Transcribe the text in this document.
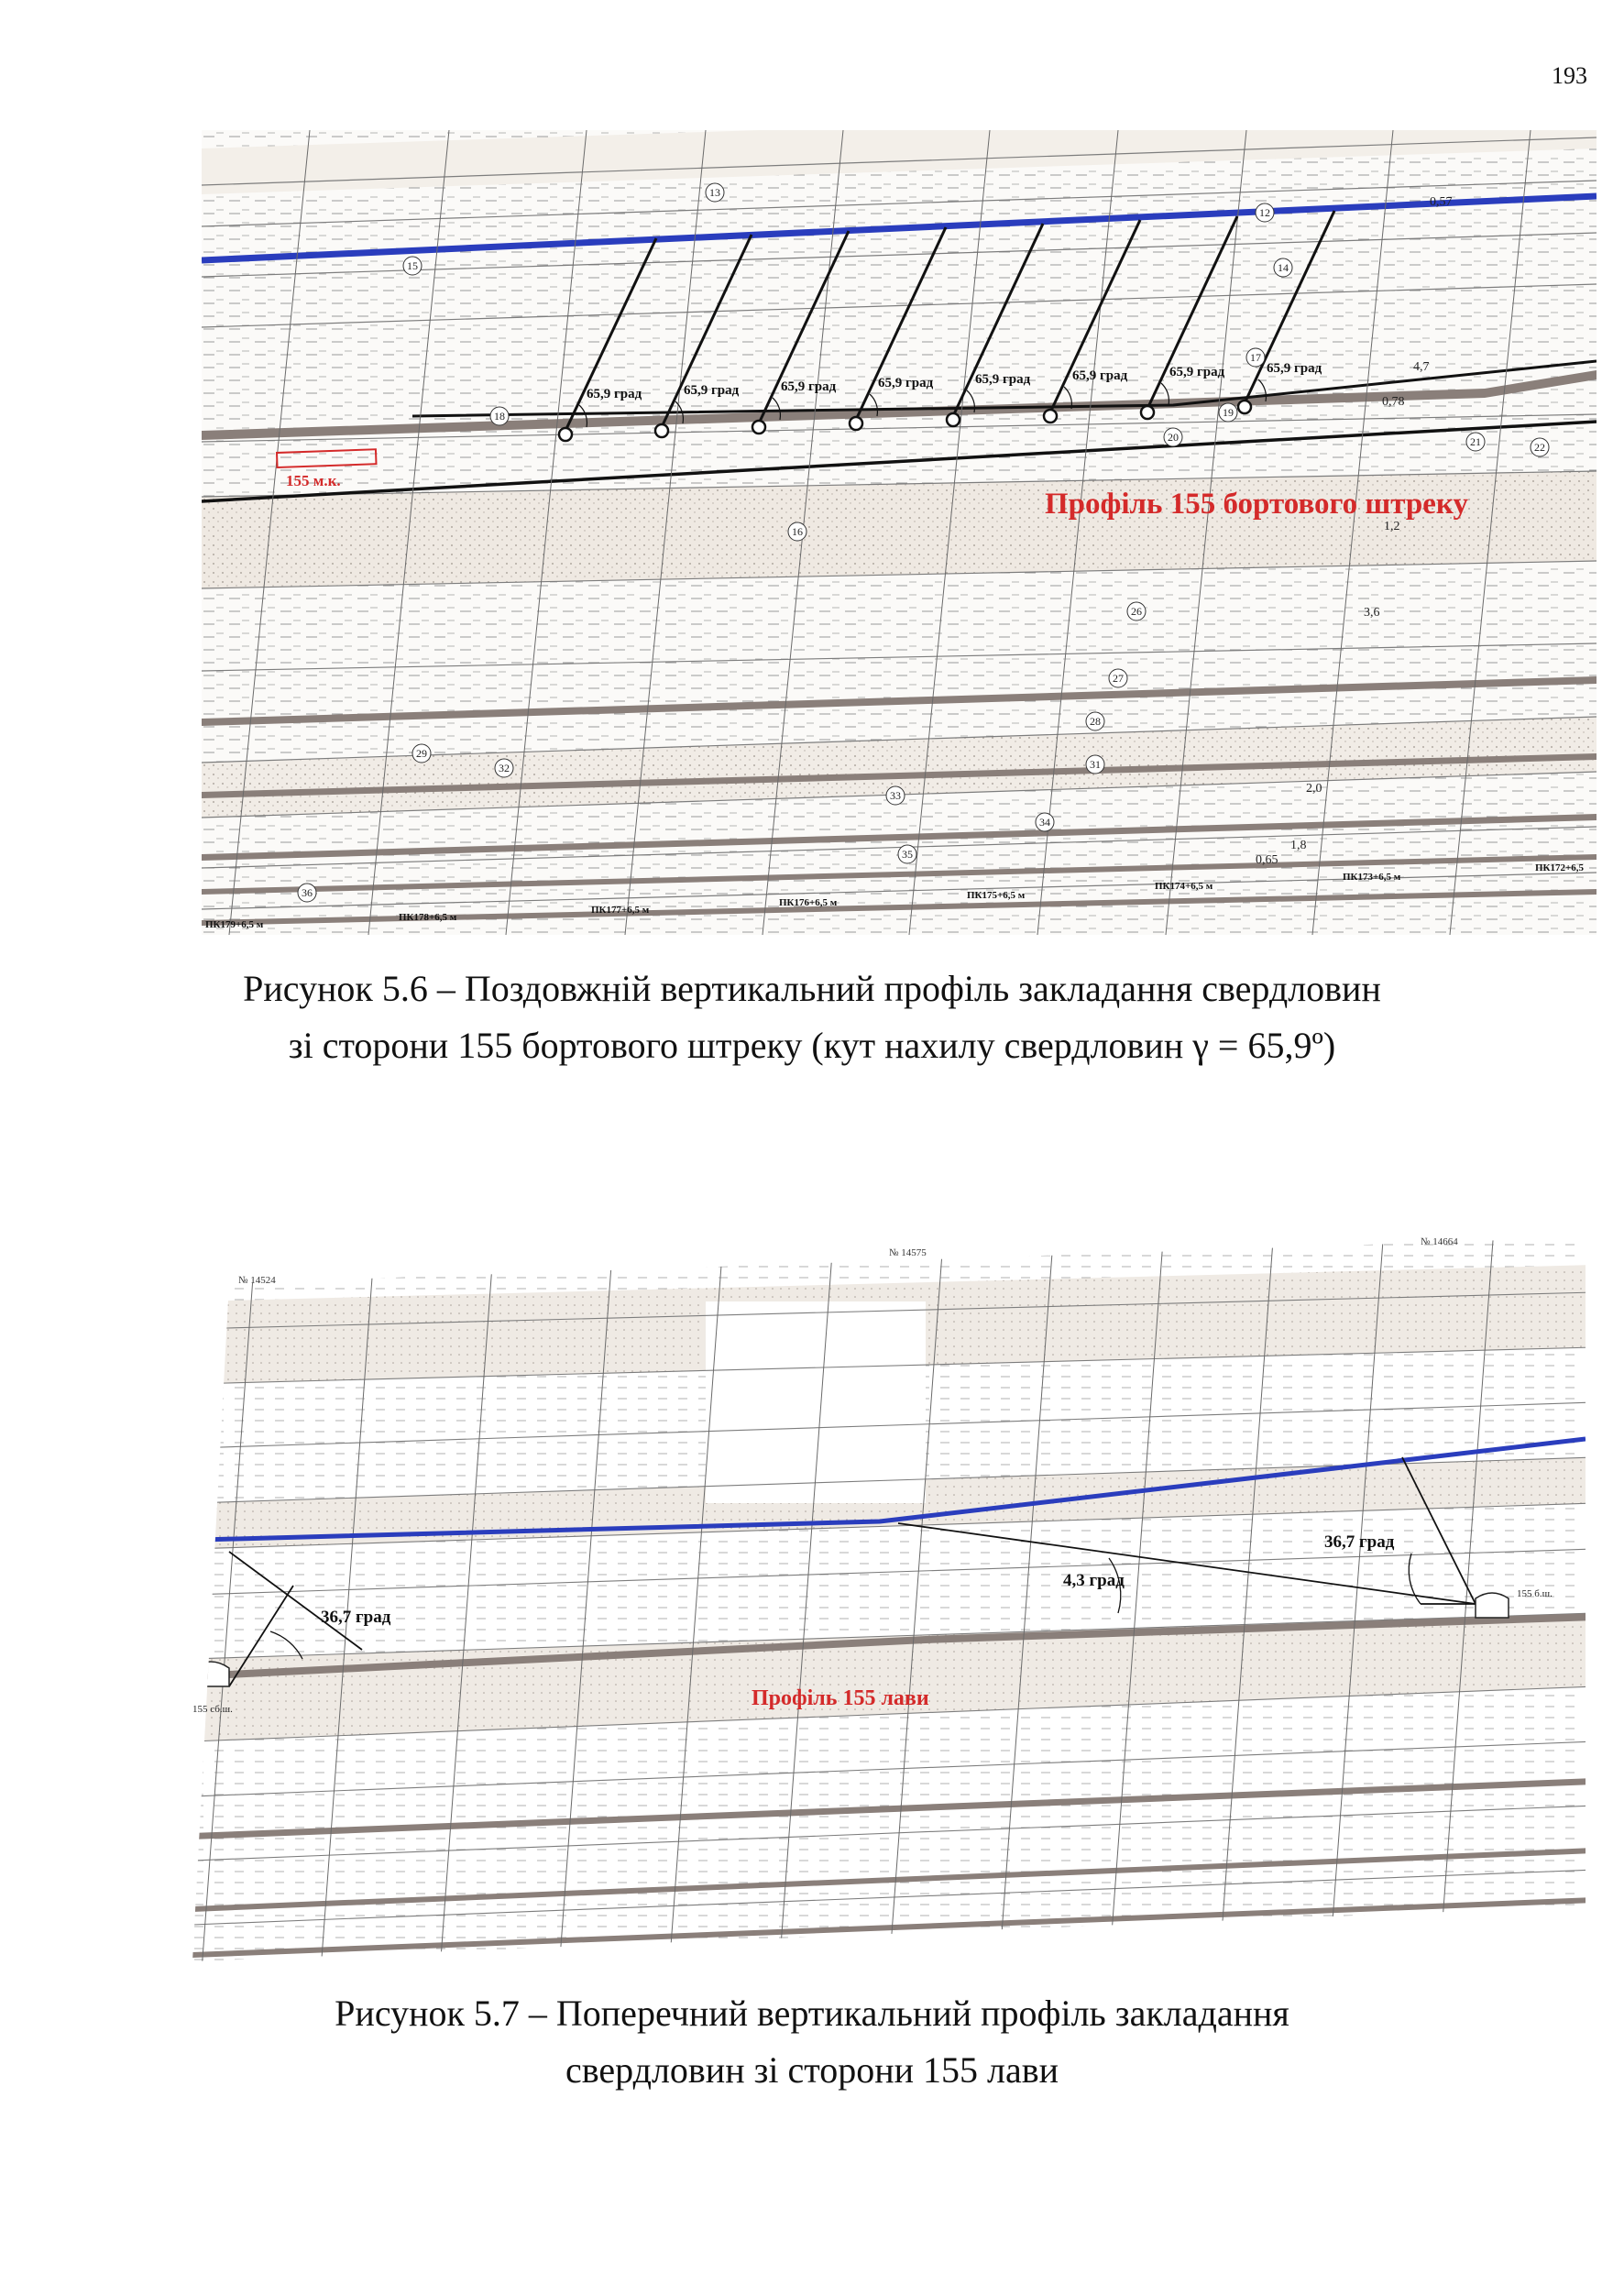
193
65,9 град	65,9 град	65,9 град	65,9 град	65,9 град	65,9 град	65,9 град	65,9 град
155 м.к.
Профіль 155 бортового штреку
15
18
20	21
26
27
28
29
31
32
33
34
35
36
12
14
17
22
13
16
19
0,57
4,7
0,78
1,2
3,6
2,0
1,8
0,65
ПК179+6,5 м
ПК178+6,5 м
ПК177+6,5 м
ПК176+6,5 м
ПК175+6,5 м
ПК174+6,5 м
ПК173+6,5 м
ПК172+6,5
Рисунок 5.6 – Поздовжній вертикальний профіль закладання свердловин
зі сторони 155 бортового штреку (кут нахилу свердловин γ = 65,9º)
№ 14524
№ 14575
№ 14664
36,7 град
4,3 град
36,7 град
Профіль 155 лави
155 сб.ш.
155 б.ш.
Рисунок 5.7 – Поперечний вертикальний профіль закладання
свердловин зі сторони 155 лави
